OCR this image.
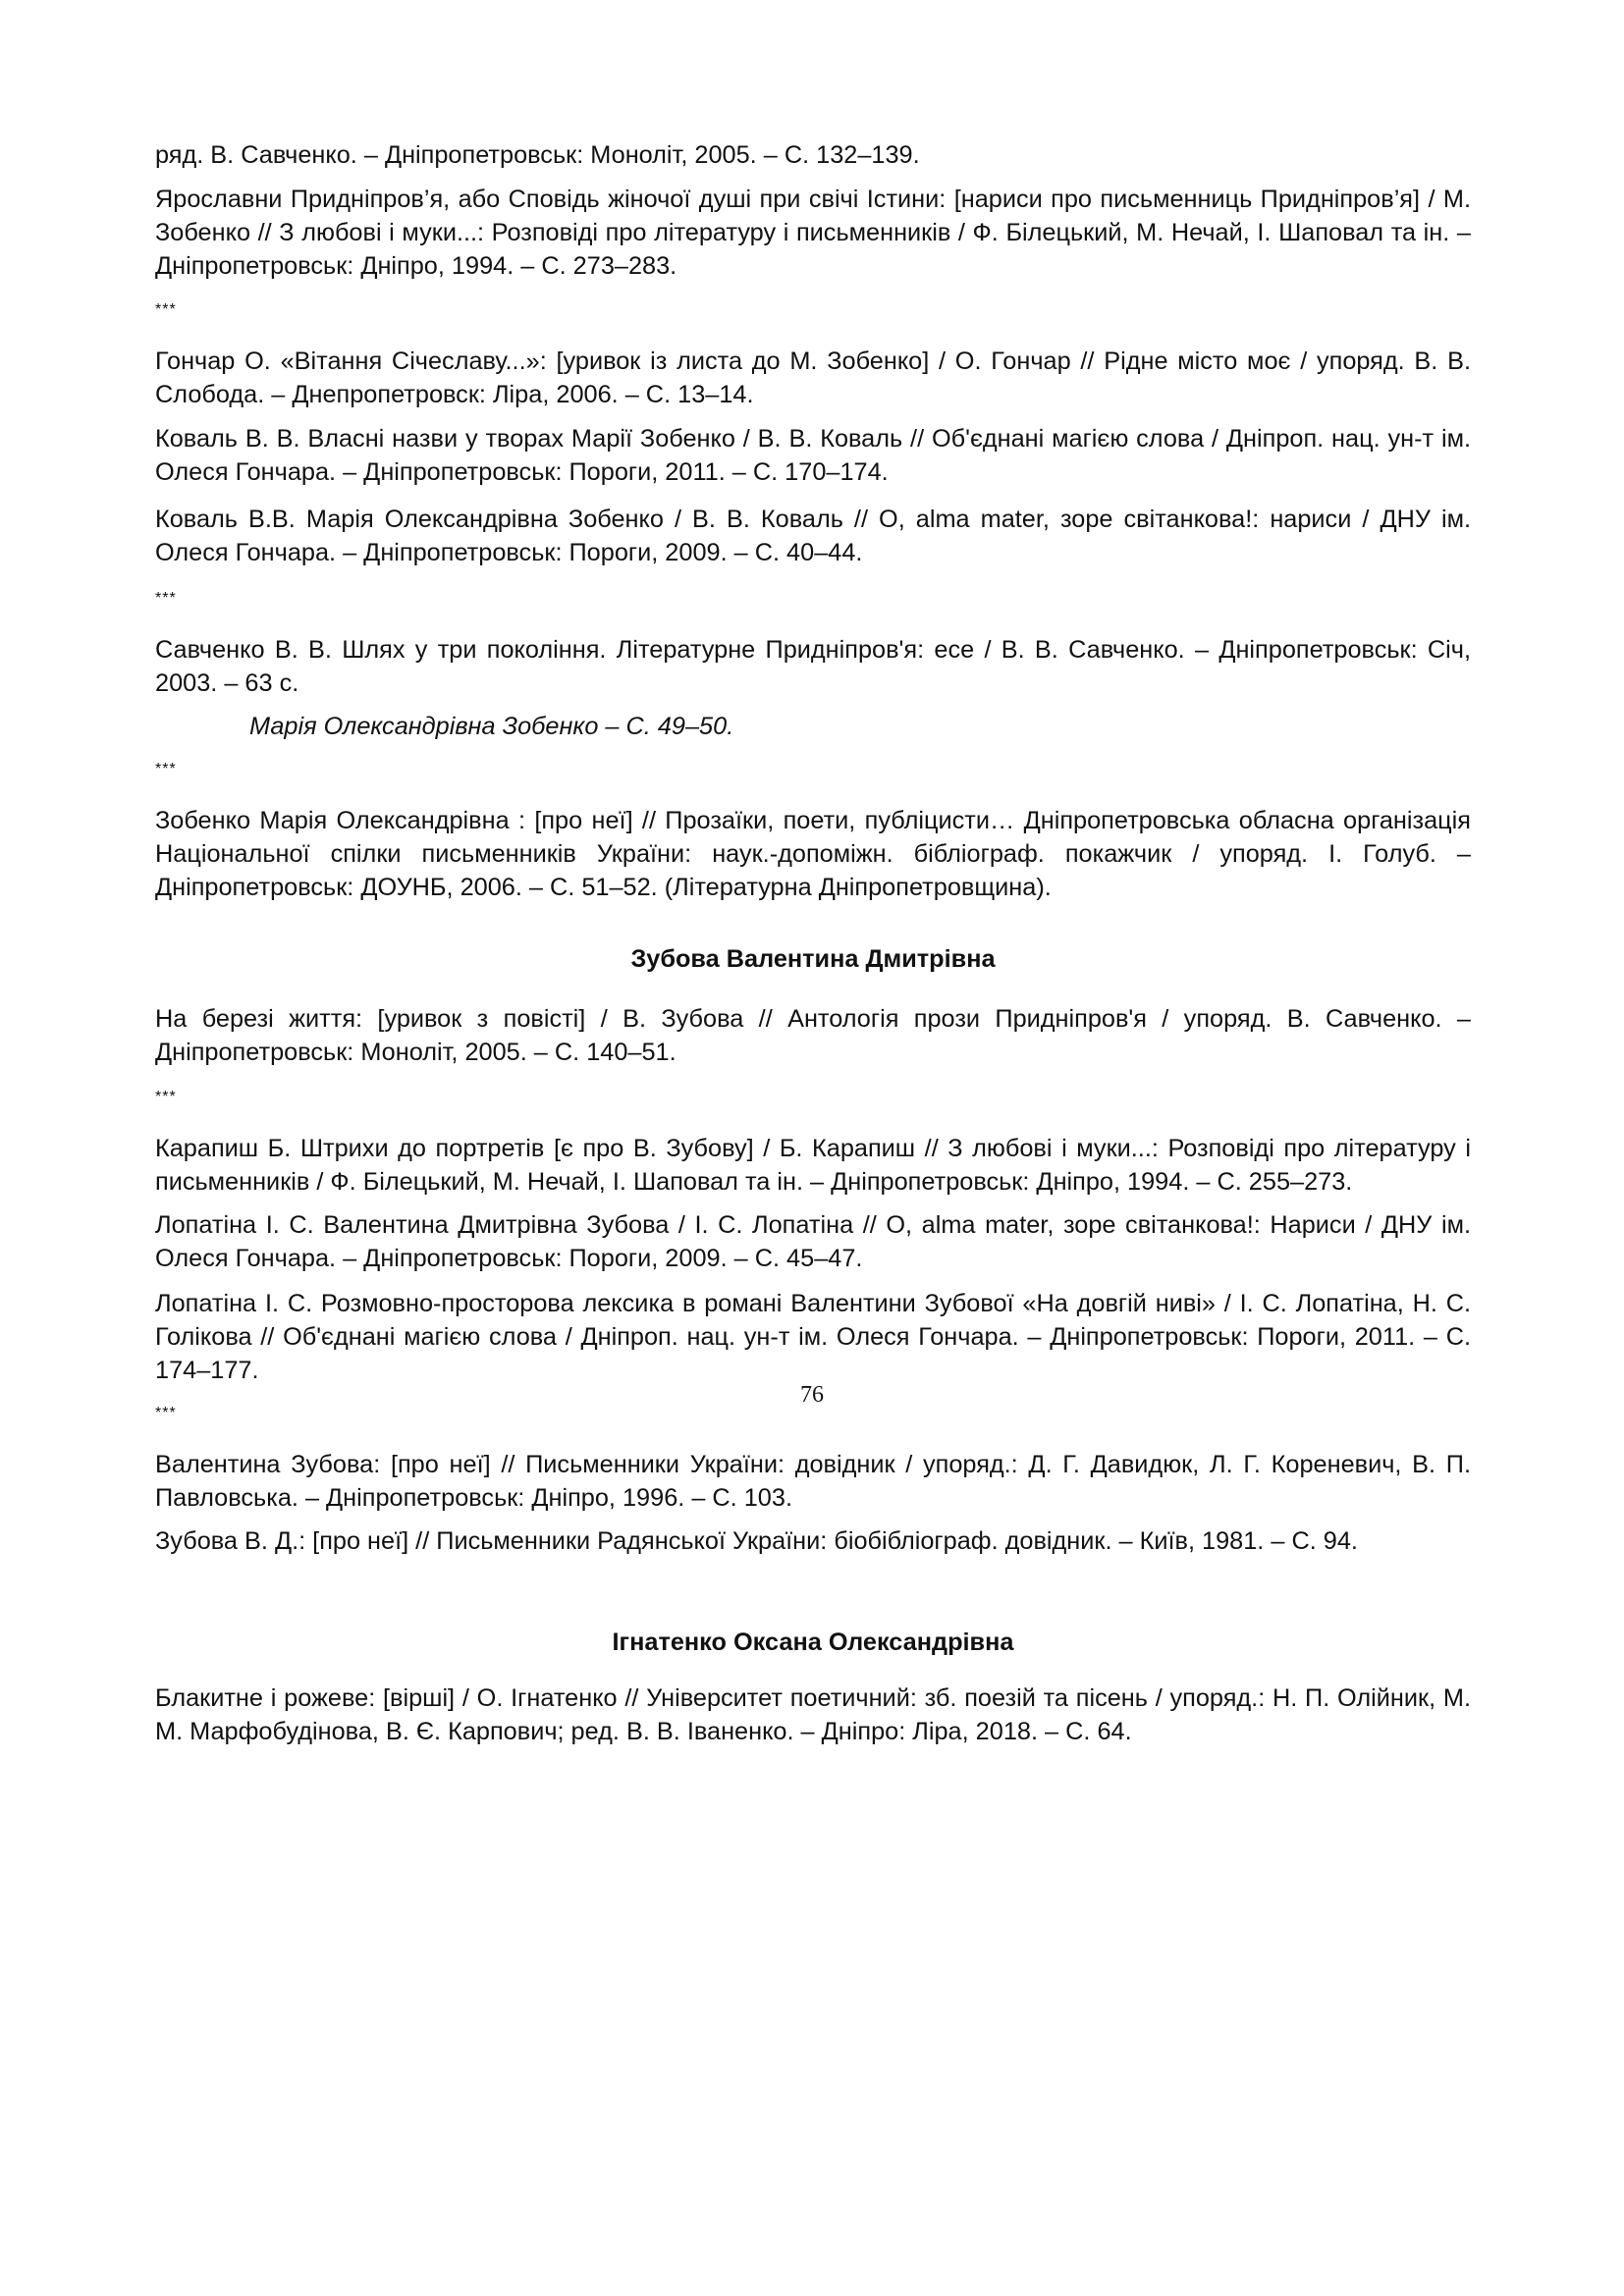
ряд. В. Савченко. – Дніпропетровськ: Моноліт, 2005. – С. 132–139.

Ярославни Придніпров’я, або Сповідь жіночої душі при свічі Істини: [нариси про письменниць Придніпров’я] / М. Зобенко // З любові і муки...: Розповіді про літературу і письменників / Ф. Білецький, М. Нечай, І. Шаповал та ін. – Дніпропетровськ: Дніпро, 1994. – С. 273–283.

***

Гончар О. «Вітання Січеславу...»: [уривок із листа до М. Зобенко] / О. Гончар // Рідне місто моє / упоряд. В. В. Слобода. – Днепропетровск: Ліра, 2006. – С. 13–14.

Коваль В. В. Власні назви у творах Марії Зобенко / В. В. Коваль // Об'єднані магією слова / Дніпроп. нац. ун-т ім. Олеся Гончара. – Дніпропетровськ: Пороги, 2011. – С. 170–174.

Коваль В.В. Марія Олександрівна Зобенко / В. В. Коваль // О, alma mater, зоре світанкова!: нариси / ДНУ ім. Олеся Гончара. – Дніпропетровськ: Пороги, 2009. – С. 40–44.

***

Савченко В. В. Шлях у три покоління. Літературне Придніпров'я: есе / В. В. Савченко. – Дніпропетровськ: Січ, 2003. – 63 с.

Марія Олександрівна Зобенко – С. 49–50.

***

Зобенко Марія Олександрівна : [про неї] // Прозаїки, поети, публіцисти… Дніпропетровська обласна організація Національної спілки письменників України: наук.-допоміжн. бібліограф. покажчик / упоряд. І. Голуб. – Дніпропетровськ: ДОУНБ, 2006. – С. 51–52. (Літературна Дніпропетровщина).

Зубова Валентина Дмитрівна

На березі життя: [уривок з повісті] / В. Зубова // Антологія прози Придніпров'я / упоряд. В. Савченко. – Дніпропетровськ: Моноліт, 2005. – С. 140–51.

***

Карапиш Б. Штрихи до портретів [є про В. Зубову] / Б. Карапиш // З любові і муки...: Розповіді про літературу і письменників / Ф. Білецький, М. Нечай, І. Шаповал та ін. – Дніпропетровськ: Дніпро, 1994. – С. 255–273.

Лопатіна І. С. Валентина Дмитрівна Зубова / І. С. Лопатіна // О, alma mater, зоре світанкова!: Нариси / ДНУ ім. Олеся Гончара. – Дніпропетровськ: Пороги, 2009. – С. 45–47.

Лопатіна І. С. Розмовно-просторова лексика в романі Валентини Зубової «На довгій ниві» / І. С. Лопатіна, Н. С. Голікова // Об'єднані магією слова / Дніпроп. нац. ун-т ім. Олеся Гончара. – Дніпропетровськ: Пороги, 2011. – С. 174–177.

***

Валентина Зубова: [про неї] // Письменники України: довідник / упоряд.: Д. Г. Давидюк, Л. Г. Кореневич, В. П. Павловська. – Дніпропетровськ: Дніпро, 1996. – С. 103.

Зубова В. Д.: [про неї] // Письменники Радянської України: біобібліограф. довідник. – Київ, 1981. – С. 94.

Ігнатенко Оксана Олександрівна

Блакитне і рожеве: [вірші] / О. Ігнатенко // Університет поетичний: зб. поезій та пісень / упоряд.: Н. П. Олійник, М. М. Марфобудінова, В. Є. Карпович; ред. В. В. Іваненко. – Дніпро: Ліра, 2018. – С. 64.

76
